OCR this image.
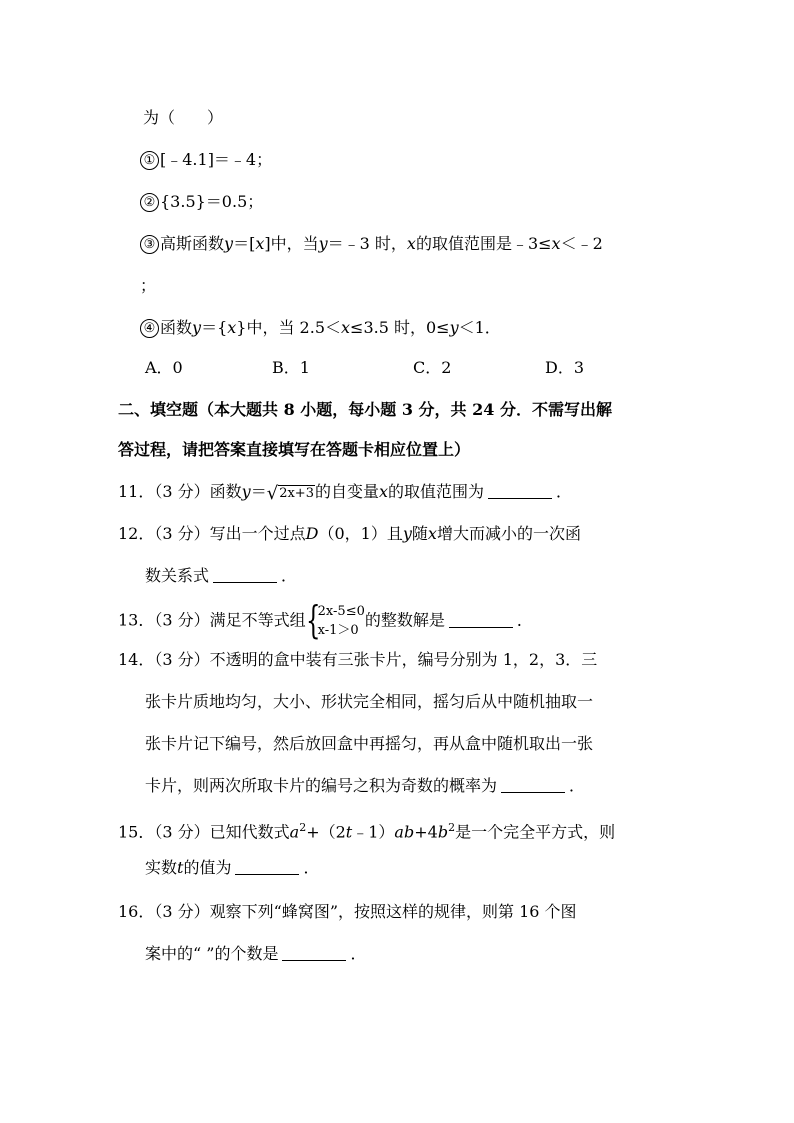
为（　　）
① [﹣4.1]＝﹣4；
② {3.5}＝0.5；
③ 高斯函数y＝[x]中，当y＝﹣3 时，x的取值范围是﹣3≤x＜﹣2
；
④ 函数y＝{x}中，当 2.5＜x≤3.5 时，0≤y＜1．
A．0	B．1	C．2	D．3
二、填空题（本大题共 8 小题，每小题 3 分，共 24 分．不需写出解
答过程，请把答案直接填写在答题卡相应位置上）
11．（3 分）函数y＝√2x+3的自变量x的取值范围为	．
12．（3 分）写出一个过点D（0，1）且y随x增大而减小的一次函
数关系式	．
13．（3 分）满足不等式组 {
2x-5≤0
x-1＞0
的整数解是	．
14．（3 分）不透明的盒中装有三张卡片，编号分别为 1，2，3．三
张卡片质地均匀，大小、形状完全相同，摇匀后从中随机抽取一
张卡片记下编号，然后放回盒中再摇匀，再从盒中随机取出一张
卡片，则两次所取卡片的编号之积为奇数的概率为	．
15．（3 分）已知代数式$a^2+(2t﹣1)ab+4b^2$是一个完全平方式，则
实数t的值为	．
16．（3 分）观察下列“蜂窝图”，按照这样的规律，则第 16 个图
案中的“ ”的个数是	．
